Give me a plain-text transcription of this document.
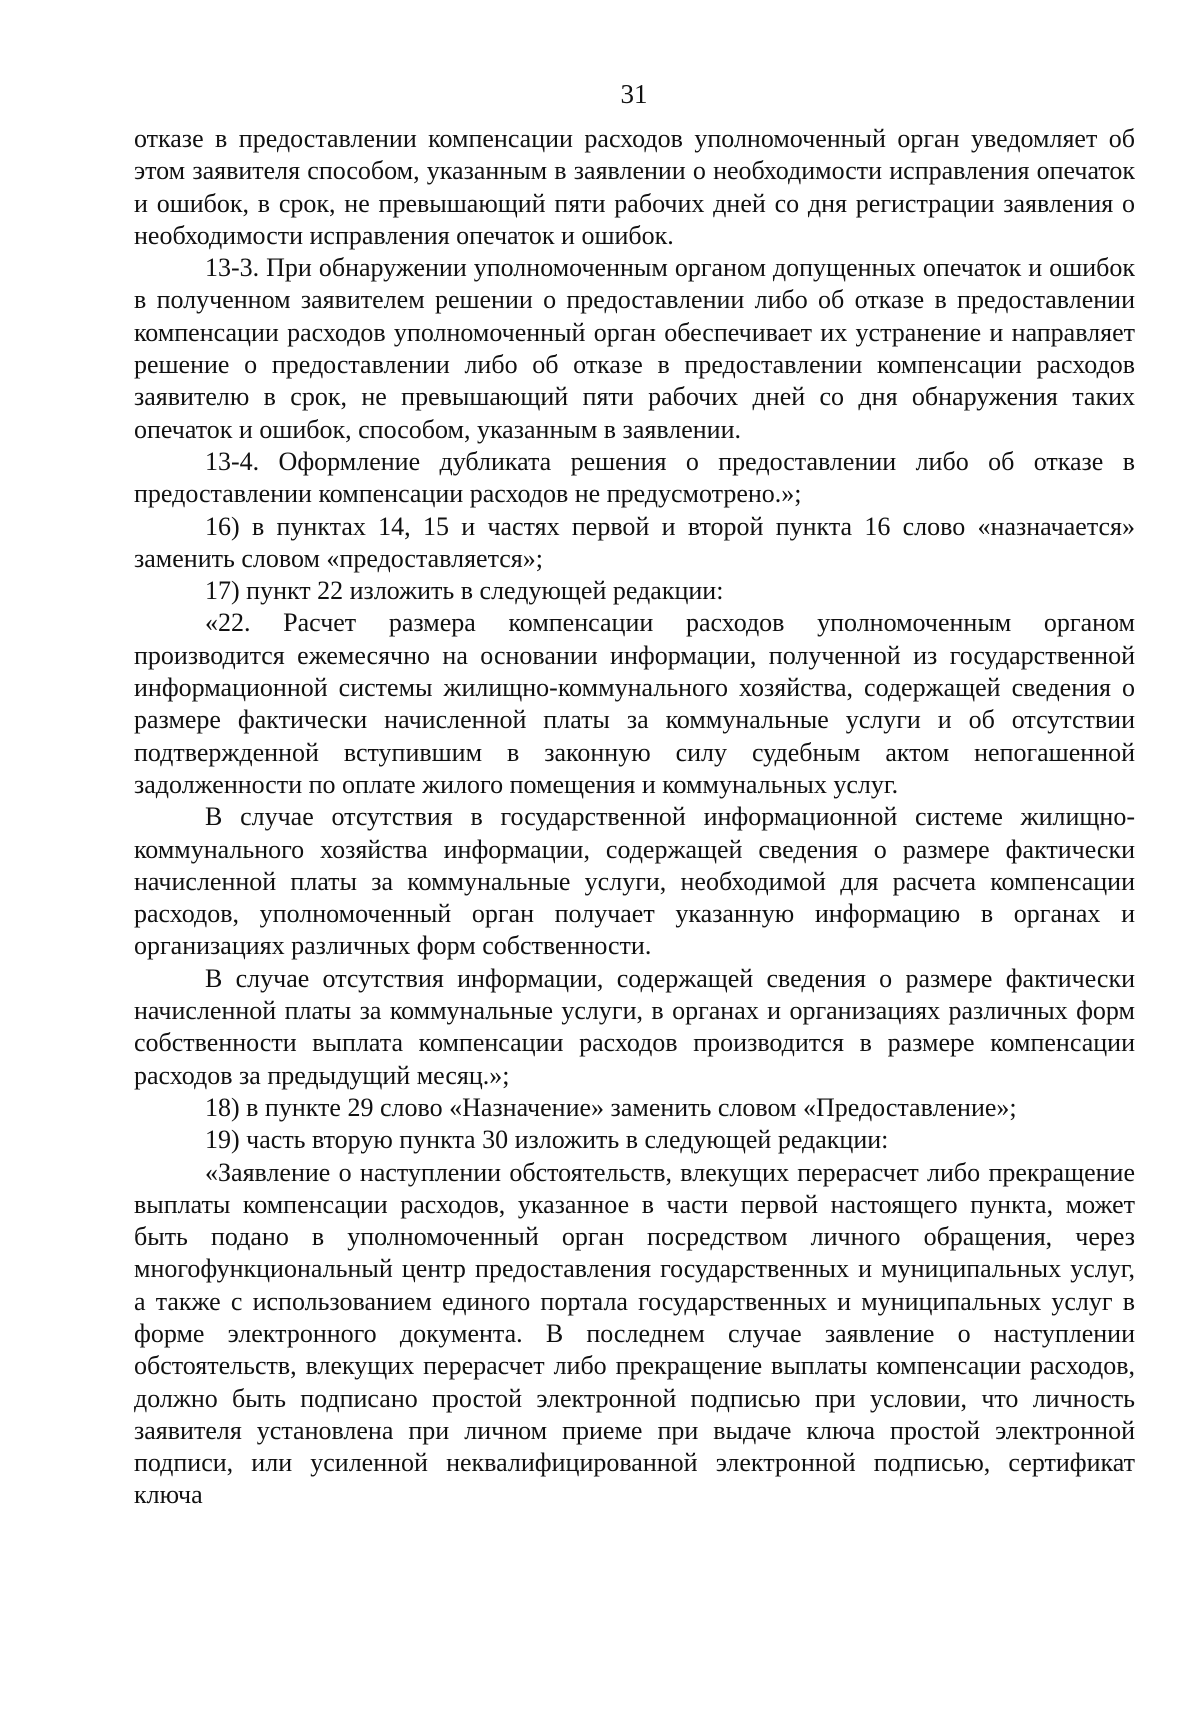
31

отказе в предоставлении компенсации расходов уполномоченный орган уведомляет об этом заявителя способом, указанным в заявлении о необходимости исправления опечаток и ошибок, в срок, не превышающий пяти рабочих дней со дня регистрации заявления о необходимости исправления опечаток и ошибок.

13-3. При обнаружении уполномоченным органом допущенных опечаток и ошибок в полученном заявителем решении о предоставлении либо об отказе в предоставлении компенсации расходов уполномоченный орган обеспечивает их устранение и направляет решение о предоставлении либо об отказе в предоставлении компенсации расходов заявителю в срок, не превышающий пяти рабочих дней со дня обнаружения таких опечаток и ошибок, способом, указанным в заявлении.

13-4. Оформление дубликата решения о предоставлении либо об отказе в предоставлении компенсации расходов не предусмотрено.»;

16) в пунктах 14, 15 и частях первой и второй пункта 16 слово «назначается» заменить словом «предоставляется»;

17) пункт 22 изложить в следующей редакции:

«22. Расчет размера компенсации расходов уполномоченным органом производится ежемесячно на основании информации, полученной из государственной информационной системы жилищно-коммунального хозяйства, содержащей сведения о размере фактически начисленной платы за коммунальные услуги и об отсутствии подтвержденной вступившим в законную силу судебным актом непогашенной задолженности по оплате жилого помещения и коммунальных услуг.

В случае отсутствия в государственной информационной системе жилищно-коммунального хозяйства информации, содержащей сведения о размере фактически начисленной платы за коммунальные услуги, необходимой для расчета компенсации расходов, уполномоченный орган получает указанную информацию в органах и организациях различных форм собственности.

В случае отсутствия информации, содержащей сведения о размере фактически начисленной платы за коммунальные услуги, в органах и организациях различных форм собственности выплата компенсации расходов производится в размере компенсации расходов за предыдущий месяц.»;

18) в пункте 29 слово «Назначение» заменить словом «Предоставление»;

19) часть вторую пункта 30 изложить в следующей редакции:

«Заявление о наступлении обстоятельств, влекущих перерасчет либо прекращение выплаты компенсации расходов, указанное в части первой настоящего пункта, может быть подано в уполномоченный орган посредством личного обращения, через многофункциональный центр предоставления государственных и муниципальных услуг, а также с использованием единого портала государственных и муниципальных услуг в форме электронного документа. В последнем случае заявление о наступлении обстоятельств, влекущих перерасчет либо прекращение выплаты компенсации расходов, должно быть подписано простой электронной подписью при условии, что личность заявителя установлена при личном приеме при выдаче ключа простой электронной подписи, или усиленной неквалифицированной электронной подписью, сертификат ключа
